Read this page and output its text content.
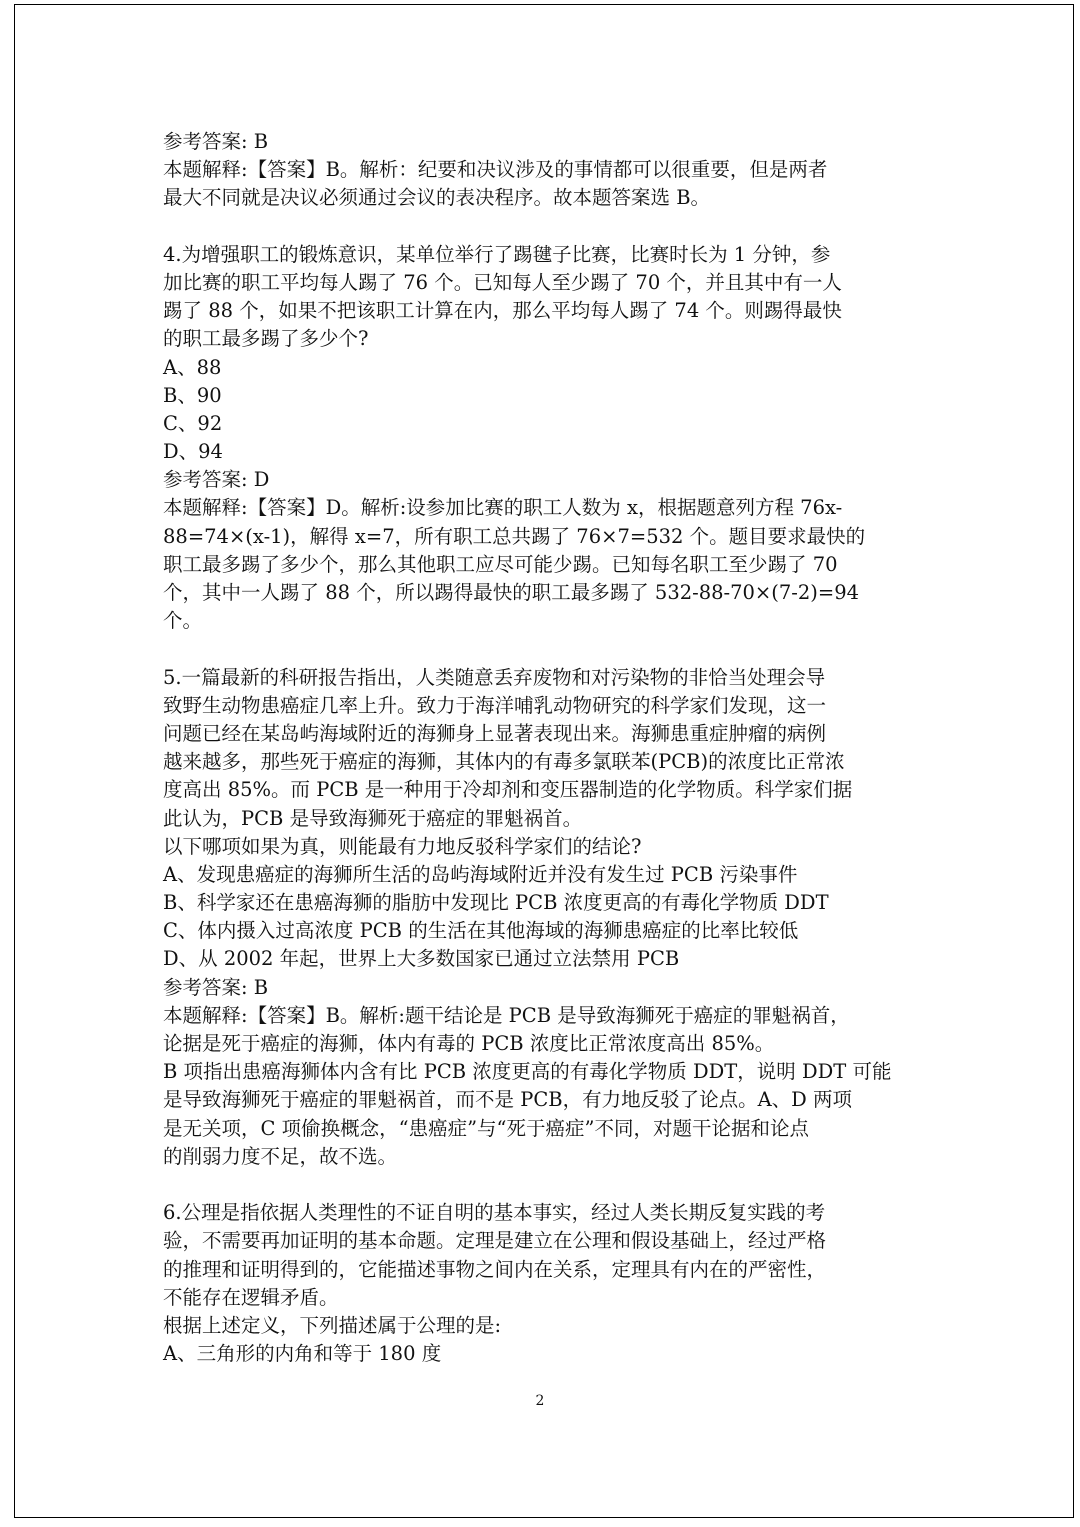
参考答案: B
本题解释:【答案】B。解析：纪要和决议涉及的事情都可以很重要，但是两者
最大不同就是决议必须通过会议的表决程序。故本题答案选 B。
4.为增强职工的锻炼意识，某单位举行了踢毽子比赛，比赛时长为 1 分钟，参
加比赛的职工平均每人踢了 76 个。已知每人至少踢了 70 个，并且其中有一人
踢了 88 个，如果不把该职工计算在内，那么平均每人踢了 74 个。则踢得最快
的职工最多踢了多少个?
A、88
B、90
C、92
D、94
参考答案: D
本题解释:【答案】D。解析:设参加比赛的职工人数为 x，根据题意列方程 76x-
88=74×(x-1)，解得 x=7，所有职工总共踢了 76×7=532 个。题目要求最快的
职工最多踢了多少个，那么其他职工应尽可能少踢。已知每名职工至少踢了 70
个，其中一人踢了 88 个，所以踢得最快的职工最多踢了 532-88-70×(7-2)=94
个。
5.一篇最新的科研报告指出，人类随意丢弃废物和对污染物的非恰当处理会导
致野生动物患癌症几率上升。致力于海洋哺乳动物研究的科学家们发现，这一
问题已经在某岛屿海域附近的海狮身上显著表现出来。海狮患重症肿瘤的病例
越来越多，那些死于癌症的海狮，其体内的有毒多氯联苯(PCB)的浓度比正常浓
度高出 85%。而 PCB 是一种用于冷却剂和变压器制造的化学物质。科学家们据
此认为，PCB 是导致海狮死于癌症的罪魁祸首。
以下哪项如果为真，则能最有力地反驳科学家们的结论?
A、发现患癌症的海狮所生活的岛屿海域附近并没有发生过 PCB 污染事件
B、科学家还在患癌海狮的脂肪中发现比 PCB 浓度更高的有毒化学物质 DDT
C、体内摄入过高浓度 PCB 的生活在其他海域的海狮患癌症的比率比较低
D、从 2002 年起，世界上大多数国家已通过立法禁用 PCB
参考答案: B
本题解释:【答案】B。解析:题干结论是 PCB 是导致海狮死于癌症的罪魁祸首，
论据是死于癌症的海狮，体内有毒的 PCB 浓度比正常浓度高出 85%。
B 项指出患癌海狮体内含有比 PCB 浓度更高的有毒化学物质 DDT，说明 DDT 可能
是导致海狮死于癌症的罪魁祸首，而不是 PCB，有力地反驳了论点。A、D 两项
是无关项，C 项偷换概念，“患癌症”与“死于癌症”不同，对题干论据和论点
的削弱力度不足，故不选。
6.公理是指依据人类理性的不证自明的基本事实，经过人类长期反复实践的考
验，不需要再加证明的基本命题。定理是建立在公理和假设基础上，经过严格
的推理和证明得到的，它能描述事物之间内在关系，定理具有内在的严密性，
不能存在逻辑矛盾。
根据上述定义，下列描述属于公理的是:
A、三角形的内角和等于 180 度
2
